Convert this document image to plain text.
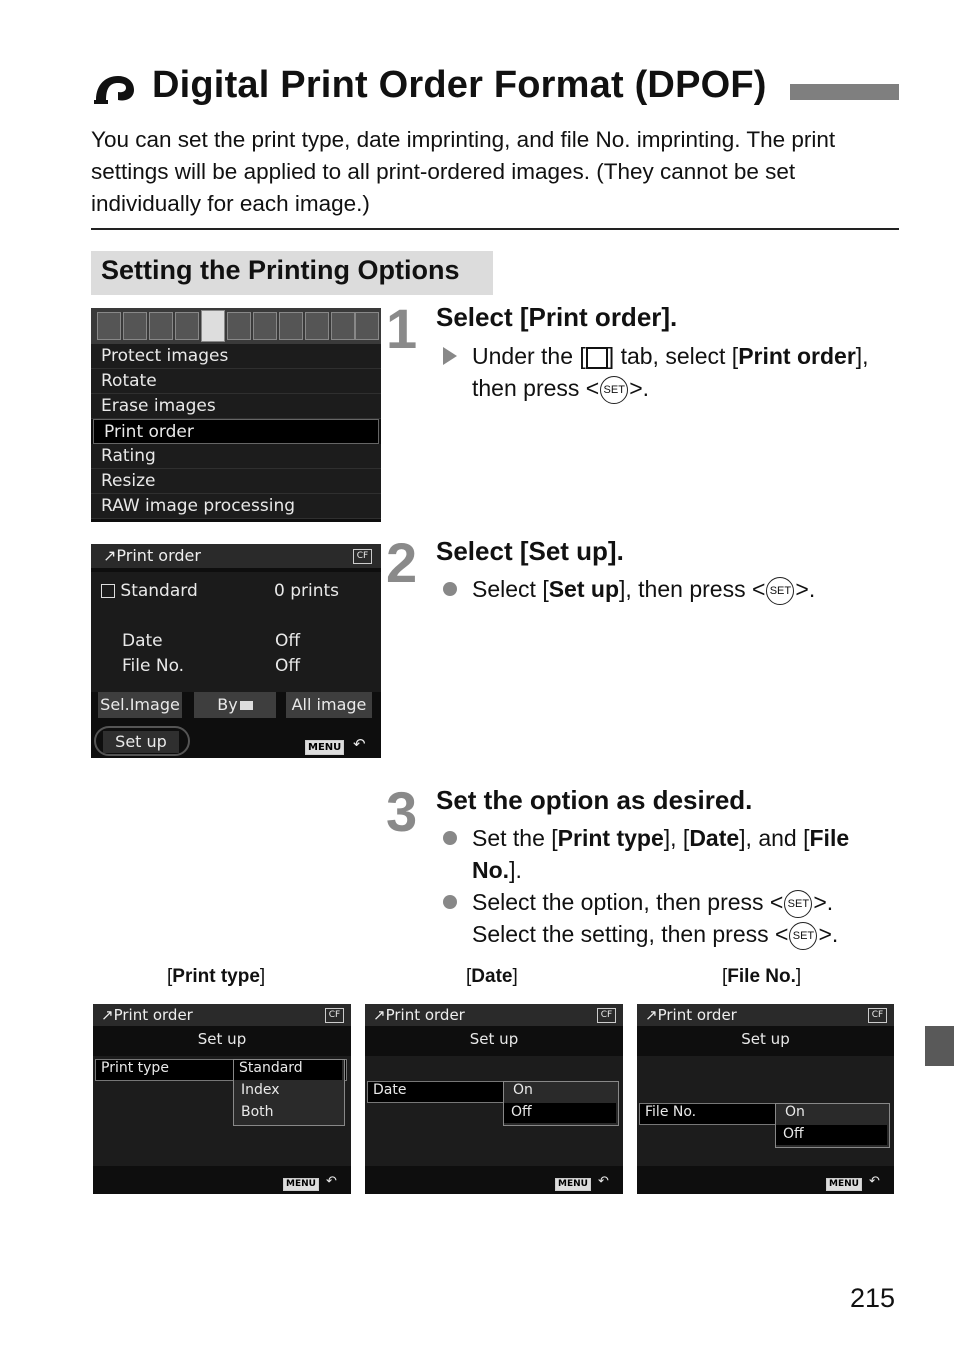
Digital Print Order Format (DPOF)
You can set the print type, date imprinting, and file No. imprinting. The print settings will be applied to all print-ordered images. (They cannot be set individually for each image.)
Setting the Printing Options
Protect images
Rotate
Erase images
Print order
Rating
Resize
RAW image processing
1 Select [Print order].
Under the [ ] tab, select [Print order], then press < SET >.
↗Print order	CF
Standard	0 prints
Date	Off
File No.	Off
Sel.Image	By	All image
Set up	MENU ↶
2 Select [Set up].
Select [Set up], then press < SET >.
3 Set the option as desired.
Set the [Print type], [Date], and [File No.].
Select the option, then press < SET >.
Select the setting, then press < SET >.
[Print type]	[Date]	[File No.]
↗Print order	CF
Set up
Print type	Standard
Index
Both
MENU ↶
↗Print order	CF
Set up
Date	On
Off
MENU ↶
↗Print order	CF
Set up
File No.	On
Off
MENU ↶
215
